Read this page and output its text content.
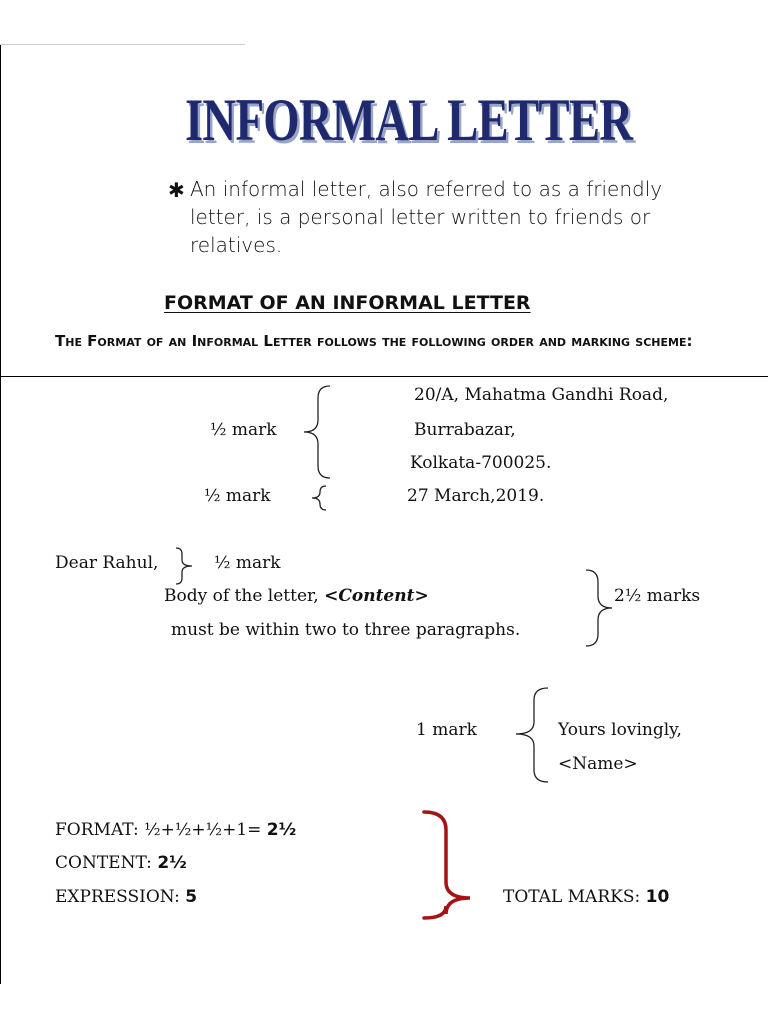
INFORMAL LETTER
✱ An informal letter, also referred to as a friendly letter, is a personal letter written to friends or relatives.
FORMAT OF AN INFORMAL LETTER
The Format of an Informal Letter follows the following order and marking scheme:
½ mark
20/A, Mahatma Gandhi Road,
Burrabazar,
Kolkata-700025.
½ mark	27 March,2019.
Dear Rahul,	½ mark
Body of the letter, <Content>
must be within two to three paragraphs.
2½ marks
1 mark	Yours lovingly,
<Name>
FORMAT: ½+½+½+1= 2½
CONTENT: 2½
EXPRESSION: 5	TOTAL MARKS: 10
